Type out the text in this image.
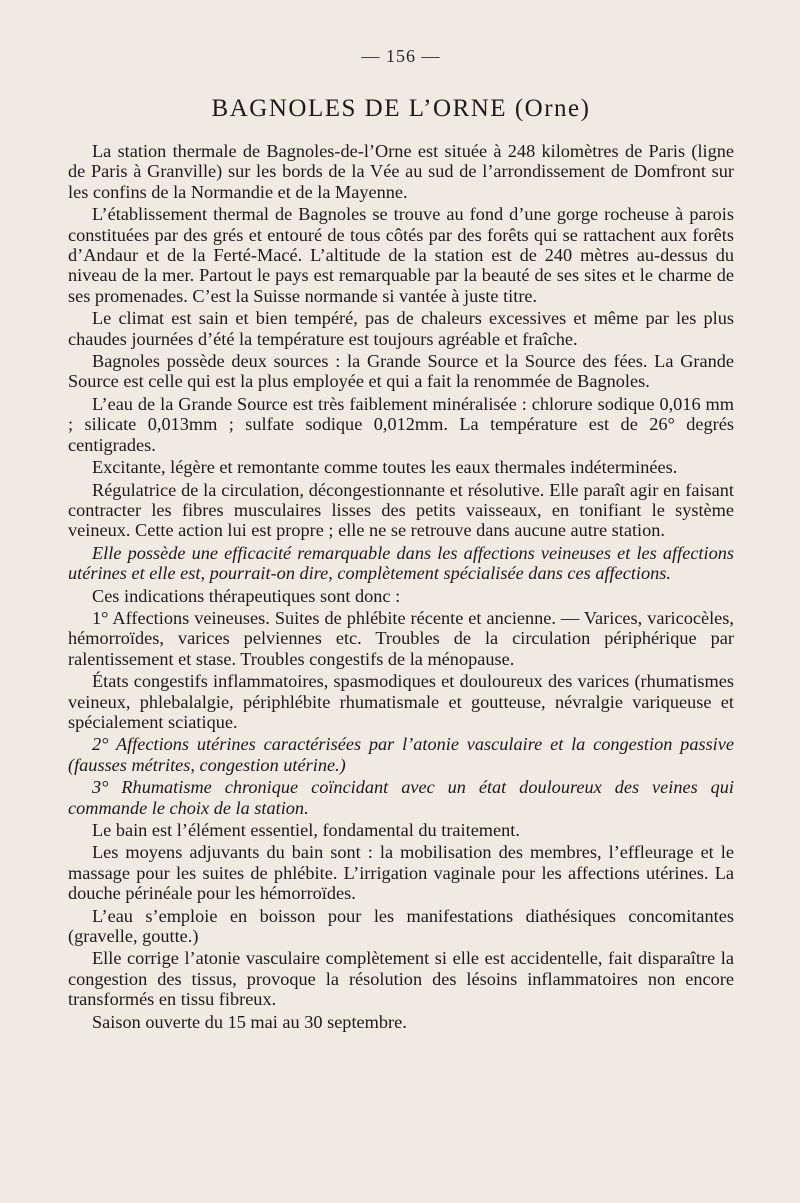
— 156 —
BAGNOLES DE L’ORNE (Orne)

La station thermale de Bagnoles-de-l’Orne est située à 248 kilomètres de Paris (ligne de Paris à Granville) sur les bords de la Vée au sud de l’arrondissement de Domfront sur les confins de la Normandie et de la Mayenne.

L’établissement thermal de Bagnoles se trouve au fond d’une gorge rocheuse à parois constituées par des grés et entouré de tous côtés par des forêts qui se rattachent aux forêts d’Andaur et de la Ferté-Macé. L’altitude de la station est de 240 mètres au-dessus du niveau de la mer. Partout le pays est remarquable par la beauté de ses sites et le charme de ses promenades. C’est la Suisse normande si vantée à juste titre.

Le climat est sain et bien tempéré, pas de chaleurs excessives et même par les plus chaudes journées d’été la température est toujours agréable et fraîche.

Bagnoles possède deux sources : la Grande Source et la Source des fées. La Grande Source est celle qui est la plus employée et qui a fait la renommée de Bagnoles.

L’eau de la Grande Source est très faiblement minéralisée : chlorure sodique 0,016 mm ; silicate 0,013mm ; sulfate sodique 0,012mm. La température est de 26° degrés centigrades.

Excitante, légère et remontante comme toutes les eaux thermales indéterminées.

Régulatrice de la circulation, décongestionnante et résolutive. Elle paraît agir en faisant contracter les fibres musculaires lisses des petits vaisseaux, en tonifiant le système veineux. Cette action lui est propre ; elle ne se retrouve dans aucune autre station.

Elle possède une efficacité remarquable dans les affections veineuses et les affections utérines et elle est, pourrait-on dire, complètement spécialisée dans ces affections.

Ces indications thérapeutiques sont donc :

1° Affections veineuses. Suites de phlébite récente et ancienne. — Varices, varicocèles, hémorroïdes, varices pelviennes etc. Troubles de la circulation périphérique par ralentissement et stase. Troubles congestifs de la ménopause.

États congestifs inflammatoires, spasmodiques et douloureux des varices (rhumatismes veineux, phlebalalgie, périphlébite rhumatismale et goutteuse, névralgie variqueuse et spécialement sciatique.

2° Affections utérines caractérisées par l’atonie vasculaire et la congestion passive (fausses métrites, congestion utérine.)

3° Rhumatisme chronique coïncidant avec un état douloureux des veines qui commande le choix de la station.

Le bain est l’élément essentiel, fondamental du traitement.

Les moyens adjuvants du bain sont : la mobilisation des membres, l’effleurage et le massage pour les suites de phlébite. L’irrigation vaginale pour les affections utérines. La douche périnéale pour les hémorroïdes.

L’eau s’emploie en boisson pour les manifestations diathésiques concomitantes (gravelle, goutte.)

Elle corrige l’atonie vasculaire complètement si elle est accidentelle, fait disparaître la congestion des tissus, provoque la résolution des lésoins inflammatoires non encore transformés en tissu fibreux.

Saison ouverte du 15 mai au 30 septembre.
